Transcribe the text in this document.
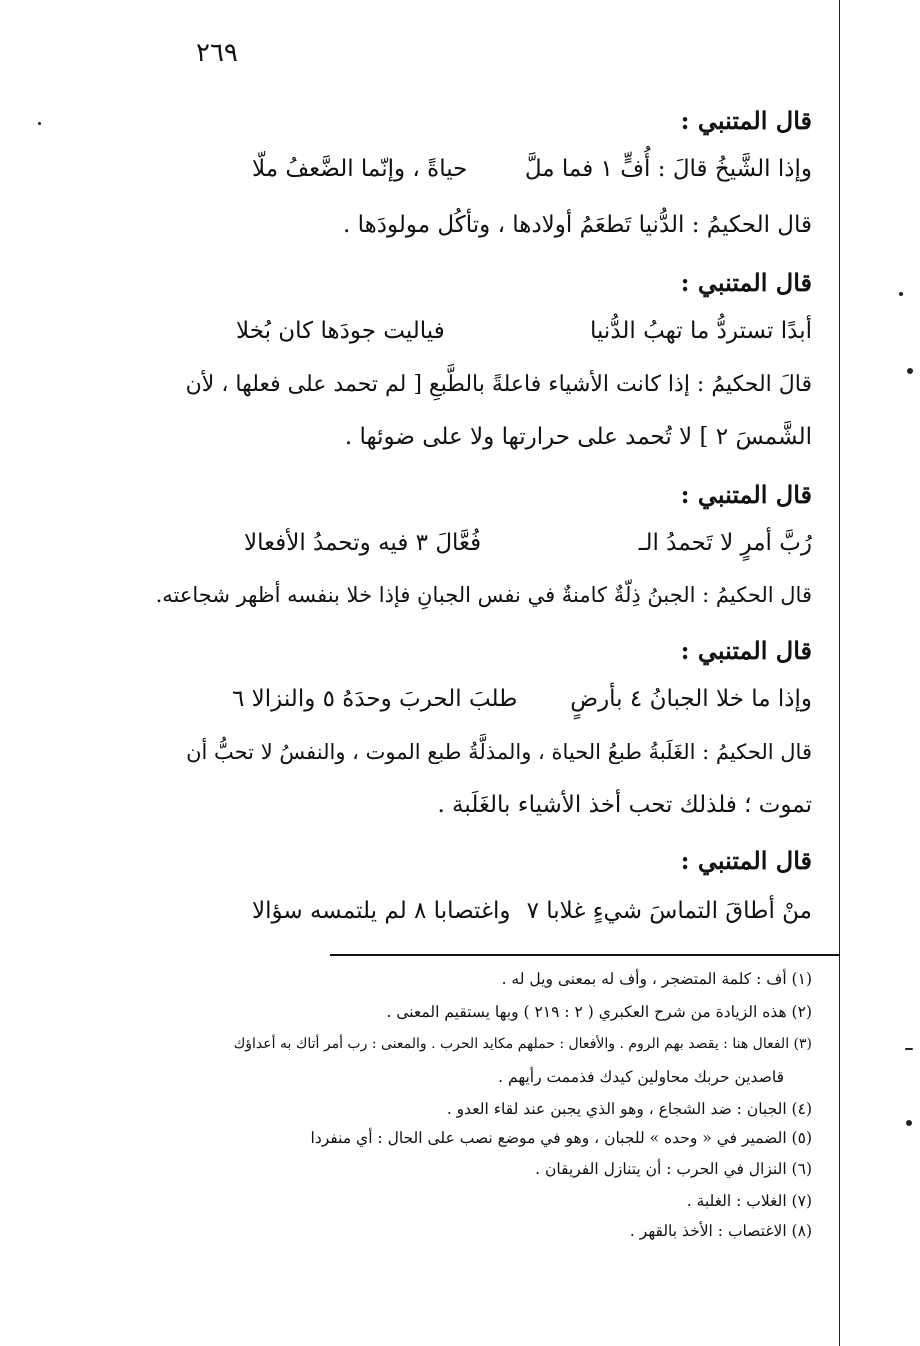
٢٦٩
قال المتنبي :
وإذا الشَّيخُ قالَ : أُفٍّ ١ فما ملَّ
حياةً ، وإنّما الضَّعفُ ملّا
قال الحكيمُ : الدُّنيا تَطعَمُ أولادها ، وتأكُل مولودَها .
قال المتنبي :
أبدًا تستردُّ ما تهبُ الدُّنيا
فياليت جودَها كان بُخلا
قالَ الحكيمُ : إذا كانت الأشياء فاعلةً بالطَّبعِ [ لم تحمد على فعلها ، لأن
الشَّمسَ ٢ ] لا تُحمد على حرارتها ولا على ضوئها .
قال المتنبي :
رُبَّ أمرٍ لا تَحمدُ الـ
فُعَّالَ ٣ فيه وتحمدُ الأفعالا
قال الحكيمُ : الجبنُ ذِلّةٌ كامنةٌ في نفس الجبانِ فإذا خلا بنفسه أظهر شجاعته.
قال المتنبي :
وإذا ما خلا الجبانُ ٤ بأرضٍ
طلبَ الحربَ وحدَهُ ٥ والنزالا ٦
قال الحكيمُ : الغَلَبةُ طبعُ الحياة ، والمذلَّةُ طبع الموت ، والنفسُ لا تحبُّ أن
تموت ؛ فلذلك تحب أخذ الأشياء بالغَلَبة .
قال المتنبي :
منْ أطاقَ التماسَ شيءٍ غلابا ٧
واغتصابا ٨ لم يلتمسه سؤالا
(١) أف : كلمة المتضجر ، وأف له بمعنى ويل له .
(٢) هذه الزيادة من شرح العكبري ( ٢ : ٢١٩ ) وبها يستقيم المعنى .
(٣) الفعال هنا : يقصد بهم الروم . والأفعال : حملهم مكايد الحرب . والمعنى : رب أمر أتاك به أعداؤك
قاصدين حربك محاولين كيدك فذممت رأيهم .
(٤) الجبان : ضد الشجاع ، وهو الذي يجبن عند لقاء العدو .
(٥) الضمير في « وحده » للجبان ، وهو في موضع نصب على الحال : أي منفردا
(٦) النزال في الحرب : أن يتنازل الفريقان .
(٧) الغلاب : الغلبة .
(٨) الاغتصاب : الأخذ بالقهر .
